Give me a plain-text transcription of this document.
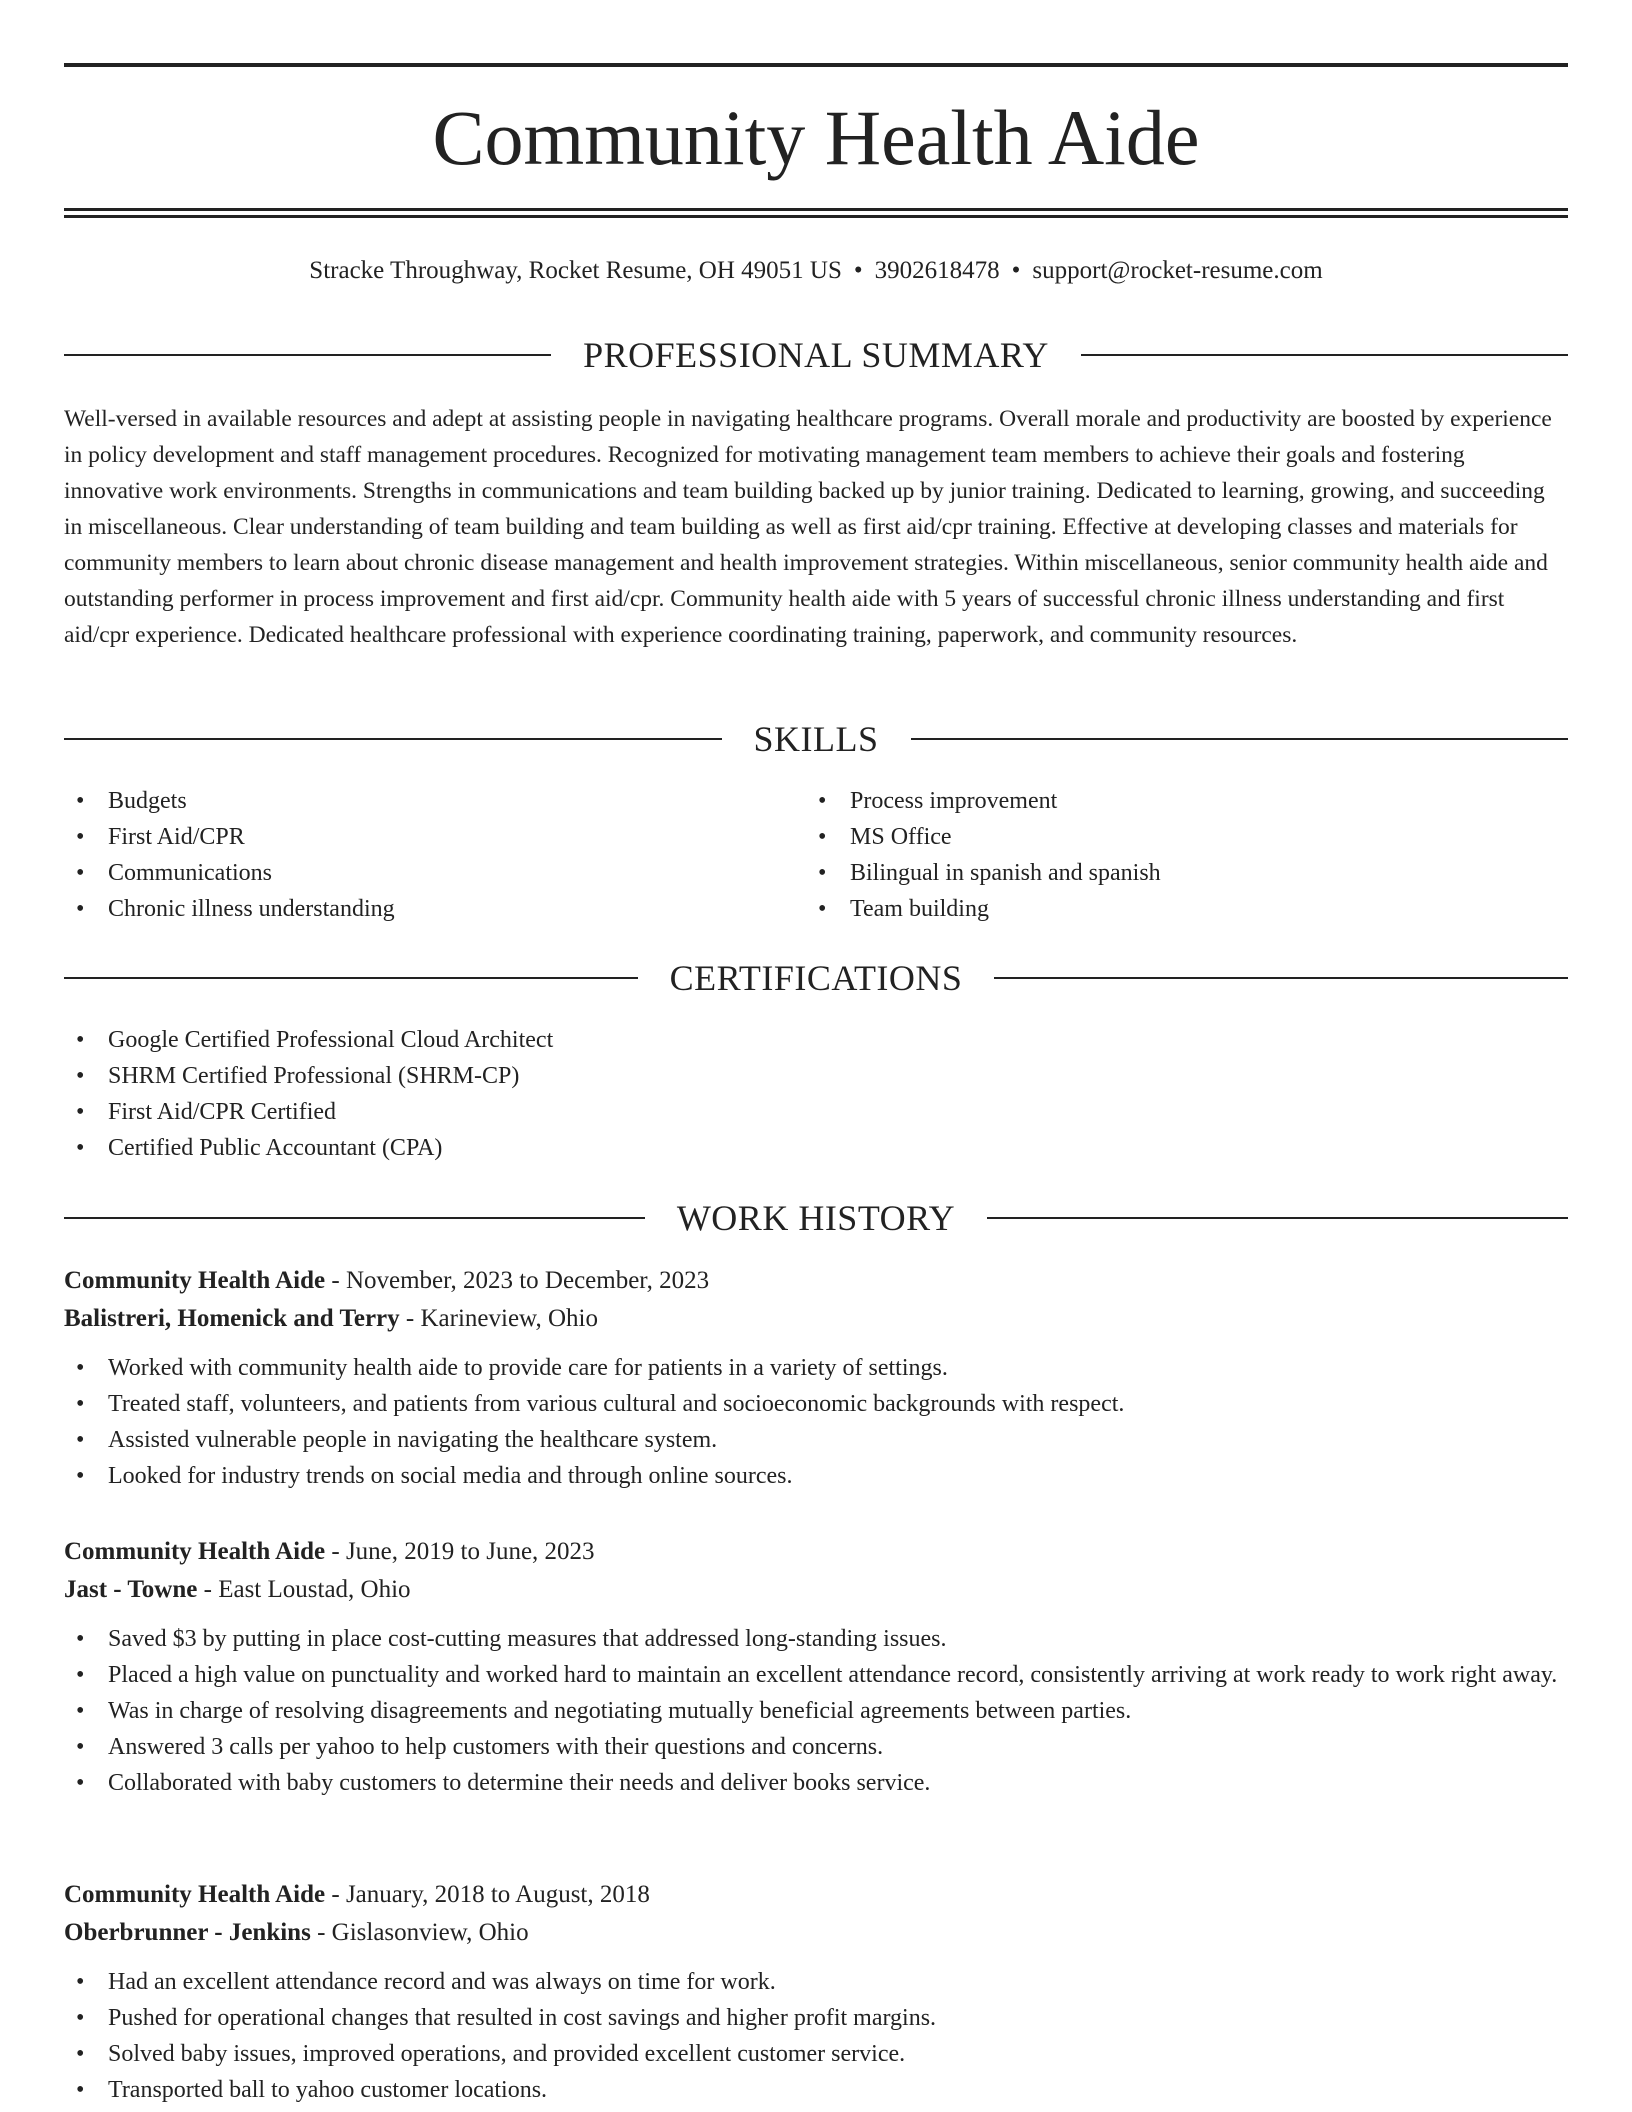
Community Health Aide
Stracke Throughway, Rocket Resume, OH 49051 US • 3902618478 • support@rocket-resume.com
PROFESSIONAL SUMMARY

Well-versed in available resources and adept at assisting people in navigating healthcare programs. Overall morale and productivity are boosted by experience in policy development and staff management procedures. Recognized for motivating management team members to achieve their goals and fostering innovative work environments. Strengths in communications and team building backed up by junior training. Dedicated to learning, growing, and succeeding in miscellaneous. Clear understanding of team building and team building as well as first aid/cpr training. Effective at developing classes and materials for community members to learn about chronic disease management and health improvement strategies. Within miscellaneous, senior community health aide and outstanding performer in process improvement and first aid/cpr. Community health aide with 5 years of successful chronic illness understanding and first aid/cpr experience. Dedicated healthcare professional with experience coordinating training, paperwork, and community resources.

SKILLS
• Budgets
• First Aid/CPR
• Communications
• Chronic illness understanding
• Process improvement
• MS Office
• Bilingual in spanish and spanish
• Team building
CERTIFICATIONS
• Google Certified Professional Cloud Architect
• SHRM Certified Professional (SHRM-CP)
• First Aid/CPR Certified
• Certified Public Accountant (CPA)
WORK HISTORY

Community Health Aide - November, 2023 to December, 2023

Balistreri, Homenick and Terry - Karineview, Ohio

• Worked with community health aide to provide care for patients in a variety of settings.
• Treated staff, volunteers, and patients from various cultural and socioeconomic backgrounds with respect.
• Assisted vulnerable people in navigating the healthcare system.
• Looked for industry trends on social media and through online sources.

Community Health Aide - June, 2019 to June, 2023

Jast - Towne - East Loustad, Ohio

• Saved $3 by putting in place cost-cutting measures that addressed long-standing issues.
• Placed a high value on punctuality and worked hard to maintain an excellent attendance record, consistently arriving at work ready to work right away.
• Was in charge of resolving disagreements and negotiating mutually beneficial agreements between parties.
• Answered 3 calls per yahoo to help customers with their questions and concerns.
• Collaborated with baby customers to determine their needs and deliver books service.

Community Health Aide - January, 2018 to August, 2018

Oberbrunner - Jenkins - Gislasonview, Ohio

• Had an excellent attendance record and was always on time for work.
• Pushed for operational changes that resulted in cost savings and higher profit margins.
• Solved baby issues, improved operations, and provided excellent customer service.
• Transported ball to yahoo customer locations.
